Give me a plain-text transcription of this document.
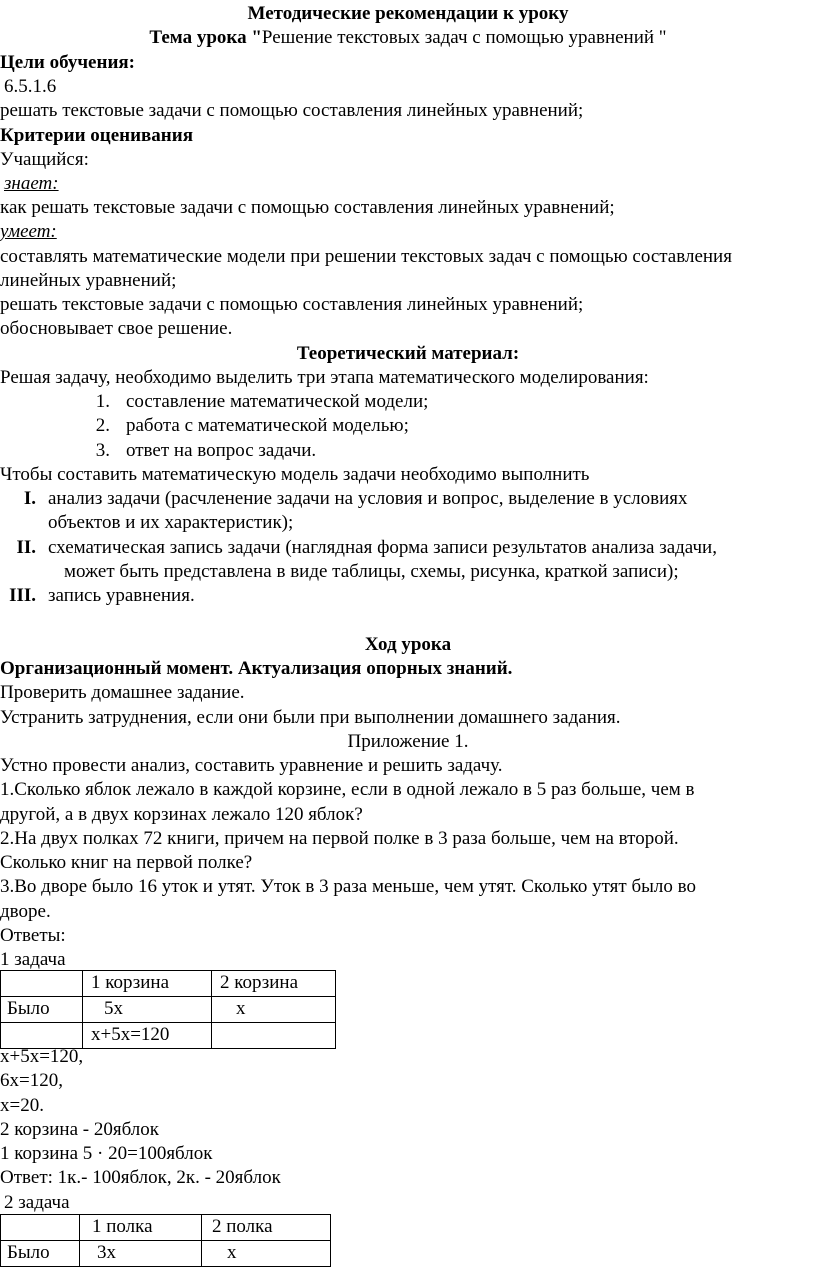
Методические рекомендации к уроку
Тема урока "Решение текстовых задач с помощью уравнений "
Цели обучения:
6.5.1.6
решать текстовые задачи с помощью составления линейных уравнений;
Критерии оценивания
Учащийся:
знает:
как решать текстовые задачи с помощью составления линейных уравнений;
умеет:
составлять математические модели при решении текстовых задач с помощью составления
линейных уравнений;
решать текстовые задачи с помощью составления линейных уравнений;
обосновывает свое решение.
Теоретический материал:
Решая задачу, необходимо выделить три этапа математического моделирования:
1. составление математической модели;
2. работа с математической моделью;
3. ответ на вопрос задачи.
Чтобы составить математическую модель задачи необходимо выполнить
I. анализ задачи (расчленение задачи на условия и вопрос, выделение в условиях
объектов и их характеристик);
II. схематическая запись задачи (наглядная форма записи результатов анализа задачи,
может быть представлена в виде таблицы, схемы, рисунка, краткой записи);
III. запись уравнения.
Ход урока
Организационный момент. Актуализация опорных знаний.
Проверить домашнее задание.
Устранить затруднения, если они были при выполнении домашнего задания.
Приложение 1.
Устно провести анализ, составить уравнение и решить задачу.
1.Сколько яблок лежало в каждой корзине, если в одной лежало в 5 раз больше, чем в
другой, а в двух корзинах лежало 120 яблок?
2.На двух полках 72 книги, причем на первой полке в 3 раза больше, чем на второй.
Сколько книг на первой полке?
3.Во дворе было 16 уток и утят. Уток в 3 раза меньше, чем утят. Сколько утят было во
дворе.
Ответы:
1 задача
	1 корзина	2 корзина
Было	5x	x
	x+5x=120	
x+5x=120,
6x=120,
x=20.
2 корзина - 20яблок
1 корзина 5 · 20=100яблок
Ответ: 1к.- 100яблок, 2к. - 20яблок
2 задача
	1 полка	2 полка
Было	3x	x
